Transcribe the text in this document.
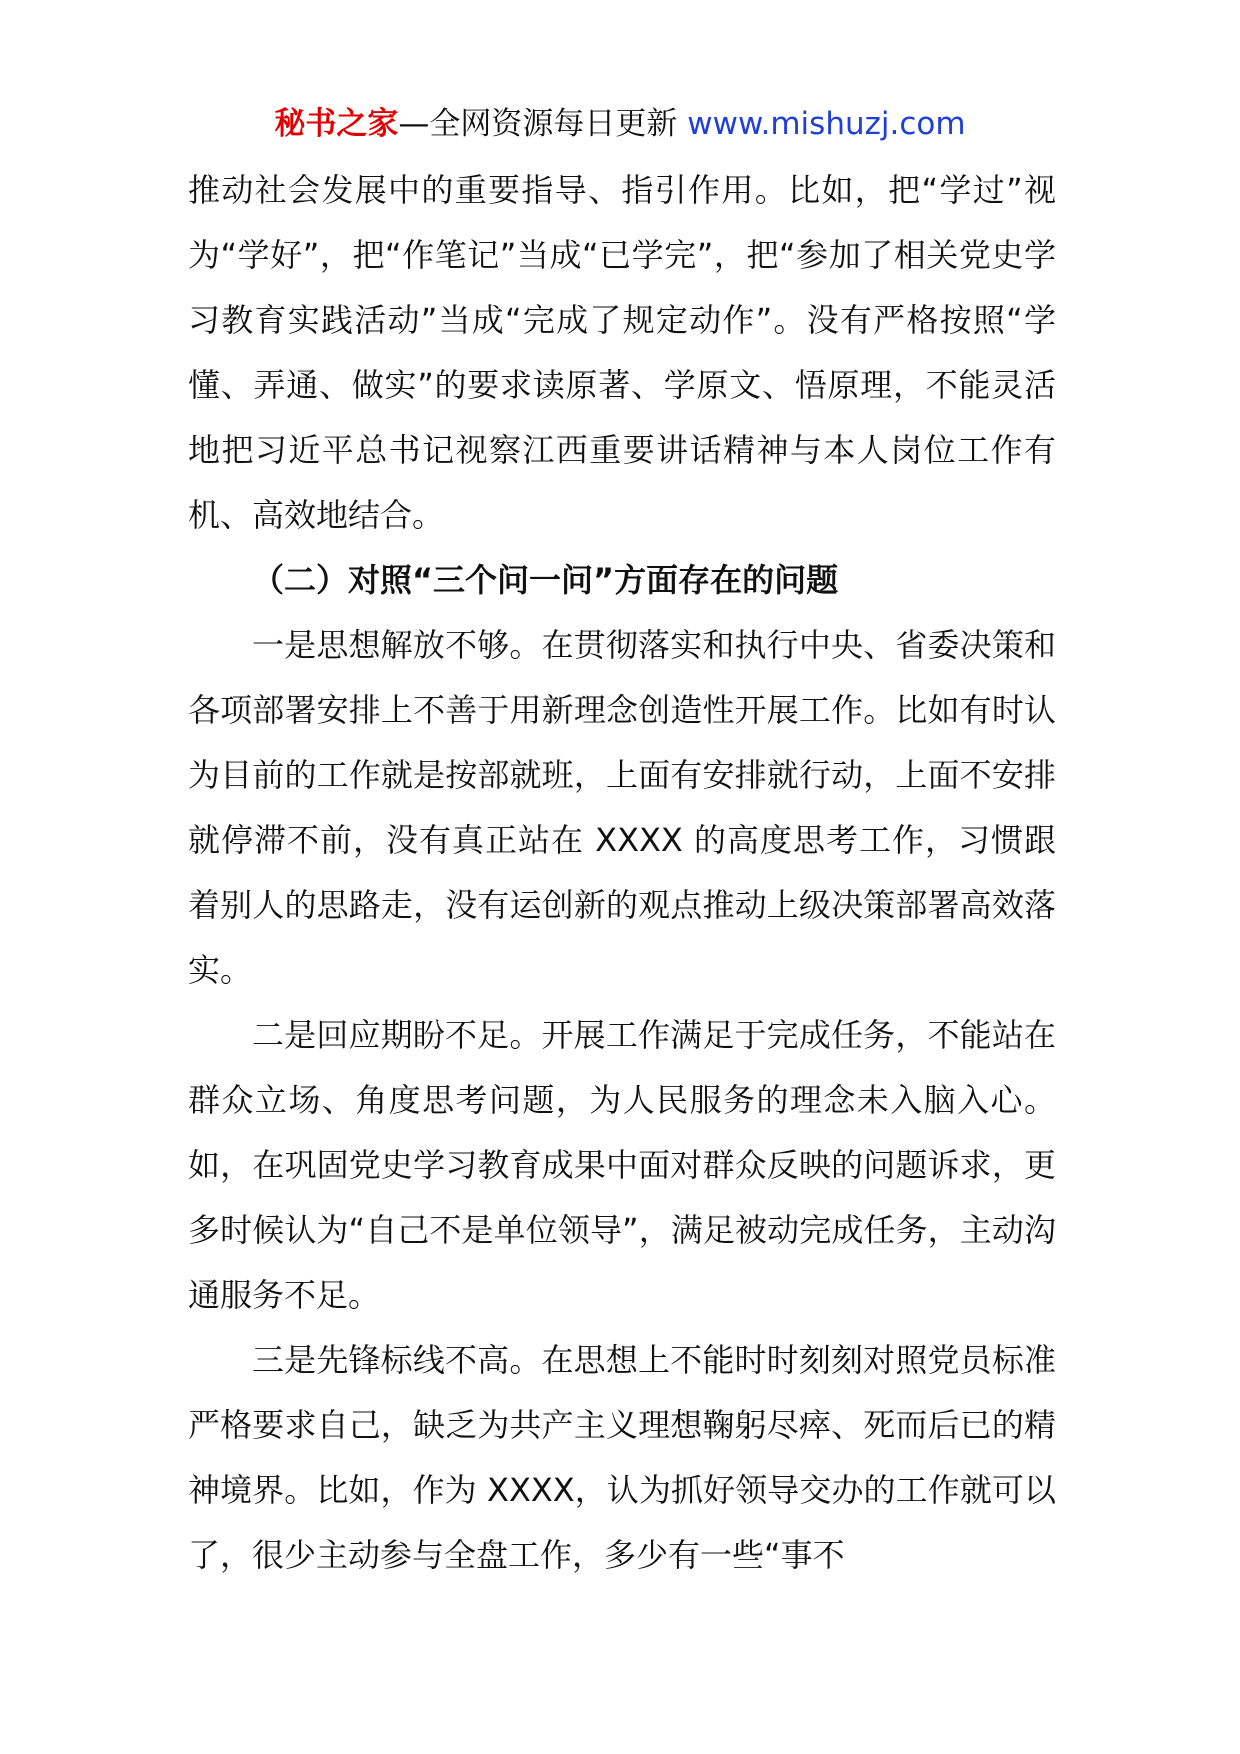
秘书之家—全网资源每日更新 www.mishuzj.com

推动社会发展中的重要指导、指引作用。比如，把“学过”视为“学好”，把“作笔记”当成“已学完”，把“参加了相关党史学习教育实践活动”当成“完成了规定动作”。没有严格按照“学懂、弄通、做实”的要求读原著、学原文、悟原理，不能灵活地把习近平总书记视察江西重要讲话精神与本人岗位工作有机、高效地结合。

（二）对照“三个问一问”方面存在的问题

一是思想解放不够。在贯彻落实和执行中央、省委决策和各项部署安排上不善于用新理念创造性开展工作。比如有时认为目前的工作就是按部就班，上面有安排就行动，上面不安排就停滞不前，没有真正站在 XXXX 的高度思考工作，习惯跟着别人的思路走，没有运创新的观点推动上级决策部署高效落实。

二是回应期盼不足。开展工作满足于完成任务，不能站在群众立场、角度思考问题，为人民服务的理念未入脑入心。如，在巩固党史学习教育成果中面对群众反映的问题诉求，更多时候认为“自己不是单位领导”，满足被动完成任务，主动沟通服务不足。

三是先锋标线不高。在思想上不能时时刻刻对照党员标准严格要求自己，缺乏为共产主义理想鞠躬尽瘁、死而后已的精神境界。比如，作为 XXXX，认为抓好领导交办的工作就可以了，很少主动参与全盘工作，多少有一些“事不
